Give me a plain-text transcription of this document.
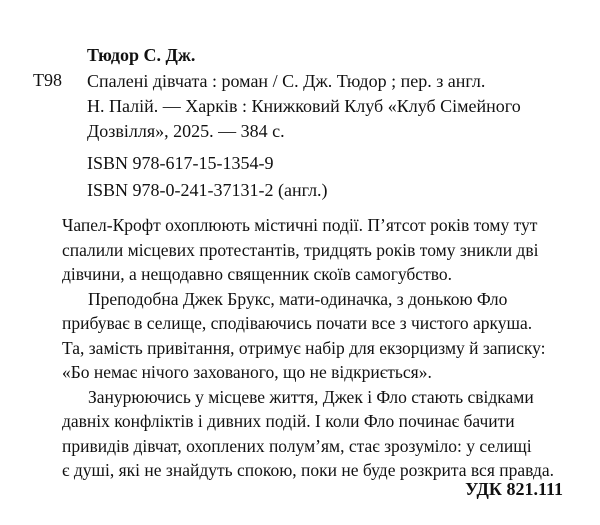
Тюдор С. Дж.
Т98 Спалені дівчата : роман / С. Дж. Тюдор ; пер. з англ.
Н. Палій. — Харків : Книжковий Клуб «Клуб Сімейного
Дозвілля», 2025. — 384 с.
ISBN 978-617-15-1354-9
ISBN 978-0-241-37131-2 (англ.)
Чапел-Крофт охоплюють містичні події. П’ятсот років тому тут
спалили місцевих протестантів, тридцять років тому зникли дві
дівчини, а нещодавно священник скоїв самогубство.
Преподобна Джек Брукс, мати-одиначка, з донькою Фло
прибуває в селище, сподіваючись почати все з чистого аркуша.
Та, замість привітання, отримує набір для екзорцизму й записку:
«Бо немає нічого захованого, що не відкриється».
Занурюючись у місцеве життя, Джек і Фло стають свідками
давніх конфліктів і дивних подій. І коли Фло починає бачити
привидів дівчат, охоплених полум’ям, стає зрозуміло: у селищі
є душі, які не знайдуть спокою, поки не буде розкрита вся правда.
УДК 821.111
